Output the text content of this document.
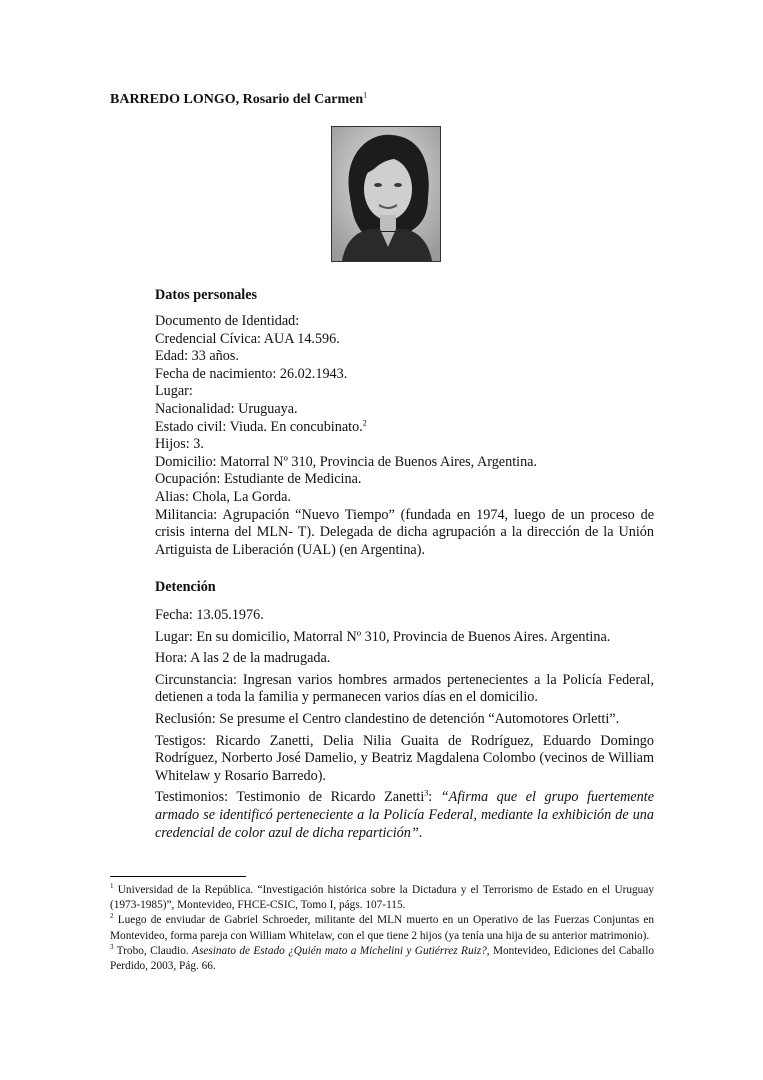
BARREDO LONGO, Rosario del Carmen$^1$
Datos personales
Documento de Identidad:
Credencial Cívica: AUA 14.596.
Edad: 33 años.
Fecha de nacimiento: 26.02.1943.
Lugar:
Nacionalidad: Uruguaya.
Estado civil: Viuda. En concubinato.$^2$
Hijos: 3.
Domicilio: Matorral Nº 310, Provincia de Buenos Aires, Argentina.
Ocupación: Estudiante de Medicina.
Alias: Chola, La Gorda.
Militancia: Agrupación “Nuevo Tiempo” (fundada en 1974, luego de un proceso de crisis interna del MLN- T). Delegada de dicha agrupación a la dirección de la Unión Artiguista de Liberación (UAL) (en Argentina).
Detención
Fecha: 13.05.1976.
Lugar: En su domicilio, Matorral Nº 310, Provincia de Buenos Aires. Argentina.
Hora: A las 2 de la madrugada.
Circunstancia: Ingresan varios hombres armados pertenecientes a la Policía Federal, detienen a toda la familia y permanecen varios días en el domicilio.
Reclusión: Se presume el Centro clandestino de detención “Automotores Orletti”.
Testigos: Ricardo Zanetti, Delia Nilia Guaita de Rodríguez, Eduardo Domingo Rodríguez, Norberto José Damelio, y Beatriz Magdalena Colombo (vecinos de William Whitelaw y Rosario Barredo).
Testimonios: Testimonio de Ricardo Zanetti$^3$: “Afirma que el grupo fuertemente armado se identificó perteneciente a la Policía Federal, mediante la exhibición de una credencial de color azul de dicha repartición”.

$^1$ Universidad de la República. “Investigación histórica sobre la Dictadura y el Terrorismo de Estado en el Uruguay (1973-1985)”, Montevideo, FHCE-CSIC, Tomo I, págs. 107-115.

$^2$ Luego de enviudar de Gabriel Schroeder, militante del MLN muerto en un Operativo de las Fuerzas Conjuntas en Montevideo, forma pareja con William Whitelaw, con el que tiene 2 hijos (ya tenía una hija de su anterior matrimonio).

$^3$ Trobo, Claudio. Asesinato de Estado ¿Quién mato a Michelini y Gutiérrez Ruiz?, Montevideo, Ediciones del Caballo Perdido, 2003, Pág. 66.
